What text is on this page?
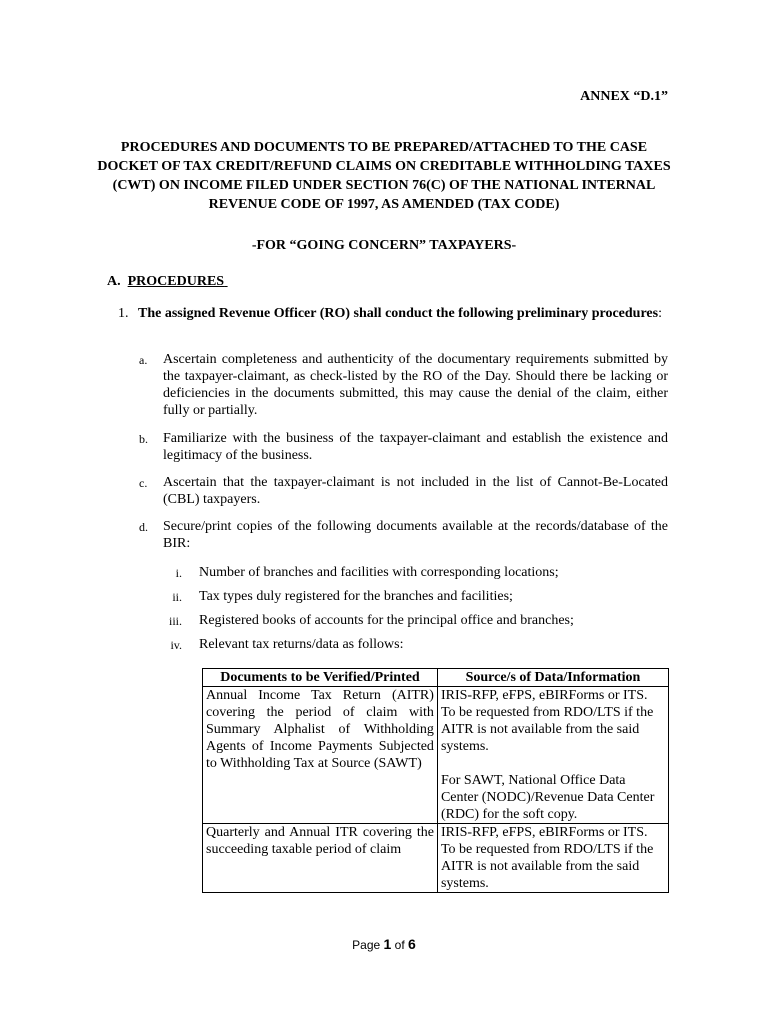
ANNEX “D.1”
PROCEDURES AND DOCUMENTS TO BE PREPARED/ATTACHED TO THE CASE DOCKET OF TAX CREDIT/REFUND CLAIMS ON CREDITABLE WITHHOLDING TAXES (CWT) ON INCOME FILED UNDER SECTION 76(C) OF THE NATIONAL INTERNAL REVENUE CODE OF 1997, AS AMENDED (TAX CODE)
-FOR “GOING CONCERN” TAXPAYERS-
A. PROCEDURES
1. The assigned Revenue Officer (RO) shall conduct the following preliminary procedures:
a. Ascertain completeness and authenticity of the documentary requirements submitted by the taxpayer-claimant, as check-listed by the RO of the Day. Should there be lacking or deficiencies in the documents submitted, this may cause the denial of the claim, either fully or partially.
b. Familiarize with the business of the taxpayer-claimant and establish the existence and legitimacy of the business.
c. Ascertain that the taxpayer-claimant is not included in the list of Cannot-Be-Located (CBL) taxpayers.
d. Secure/print copies of the following documents available at the records/database of the BIR:
i. Number of branches and facilities with corresponding locations;
ii. Tax types duly registered for the branches and facilities;
iii. Registered books of accounts for the principal office and branches;
iv. Relevant tax returns/data as follows:
Documents to be Verified/Printed	Source/s of Data/Information
Annual Income Tax Return (AITR) covering the period of claim with Summary Alphalist of Withholding Agents of Income Payments Subjected to Withholding Tax at Source (SAWT)	IRIS-RFP, eFPS, eBIRForms or ITS. To be requested from RDO/LTS if the AITR is not available from the said systems.
For SAWT, National Office Data Center (NODC)/Revenue Data Center (RDC) for the soft copy.
Quarterly and Annual ITR covering the succeeding taxable period of claim	IRIS-RFP, eFPS, eBIRForms or ITS. To be requested from RDO/LTS if the AITR is not available from the said systems.
Page 1 of 6
